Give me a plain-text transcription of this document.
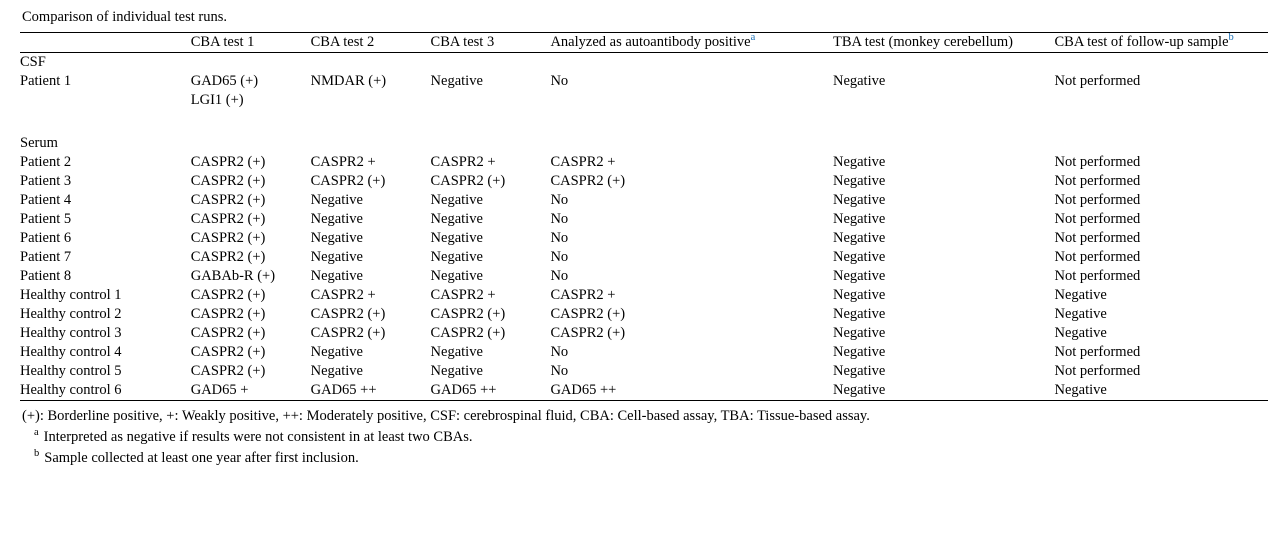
Comparison of individual test runs.
	CBA test 1	CBA test 2	CBA test 3	Analyzed as autoantibody positive$^a$	TBA test (monkey cerebellum)	CBA test of follow-up sample$^b$
CSF						
Patient 1	GAD65 (+)	NMDAR (+)	Negative	No	Negative	Not performed
	LGI1 (+)					

Serum						
Patient 2	CASPR2 (+)	CASPR2 +	CASPR2 +	CASPR2 +	Negative	Not performed
Patient 3	CASPR2 (+)	CASPR2 (+)	CASPR2 (+)	CASPR2 (+)	Negative	Not performed
Patient 4	CASPR2 (+)	Negative	Negative	No	Negative	Not performed
Patient 5	CASPR2 (+)	Negative	Negative	No	Negative	Not performed
Patient 6	CASPR2 (+)	Negative	Negative	No	Negative	Not performed
Patient 7	CASPR2 (+)	Negative	Negative	No	Negative	Not performed
Patient 8	GABAb-R (+)	Negative	Negative	No	Negative	Not performed
Healthy control 1	CASPR2 (+)	CASPR2 +	CASPR2 +	CASPR2 +	Negative	Negative
Healthy control 2	CASPR2 (+)	CASPR2 (+)	CASPR2 (+)	CASPR2 (+)	Negative	Negative
Healthy control 3	CASPR2 (+)	CASPR2 (+)	CASPR2 (+)	CASPR2 (+)	Negative	Negative
Healthy control 4	CASPR2 (+)	Negative	Negative	No	Negative	Not performed
Healthy control 5	CASPR2 (+)	Negative	Negative	No	Negative	Not performed
Healthy control 6	GAD65 +	GAD65 ++	GAD65 ++	GAD65 ++	Negative	Negative
(+): Borderline positive, +: Weakly positive, ++: Moderately positive, CSF: cerebrospinal fluid, CBA: Cell-based assay, TBA: Tissue-based assay.
$^a$ Interpreted as negative if results were not consistent in at least two CBAs.
$^b$ Sample collected at least one year after first inclusion.
